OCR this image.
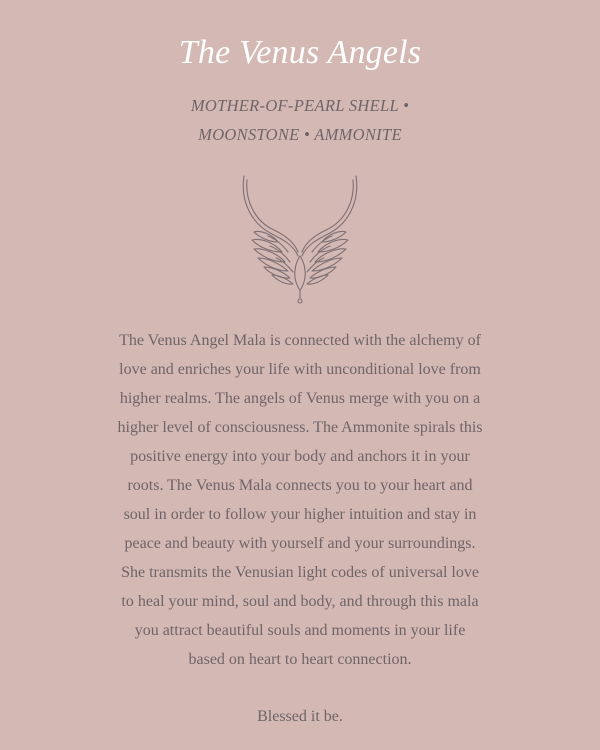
The Venus Angels
MOTHER-OF-PEARL SHELL •
MOONSTONE • AMMONITE
The Venus Angel Mala is connected with the alchemy of
love and enriches your life with unconditional love from
higher realms. The angels of Venus merge with you on a
higher level of consciousness. The Ammonite spirals this
positive energy into your body and anchors it in your
roots. The Venus Mala connects you to your heart and
soul in order to follow your higher intuition and stay in
peace and beauty with yourself and your surroundings.
She transmits the Venusian light codes of universal love
to heal your mind, soul and body, and through this mala
you attract beautiful souls and moments in your life
based on heart to heart connection.
Blessed it be.
